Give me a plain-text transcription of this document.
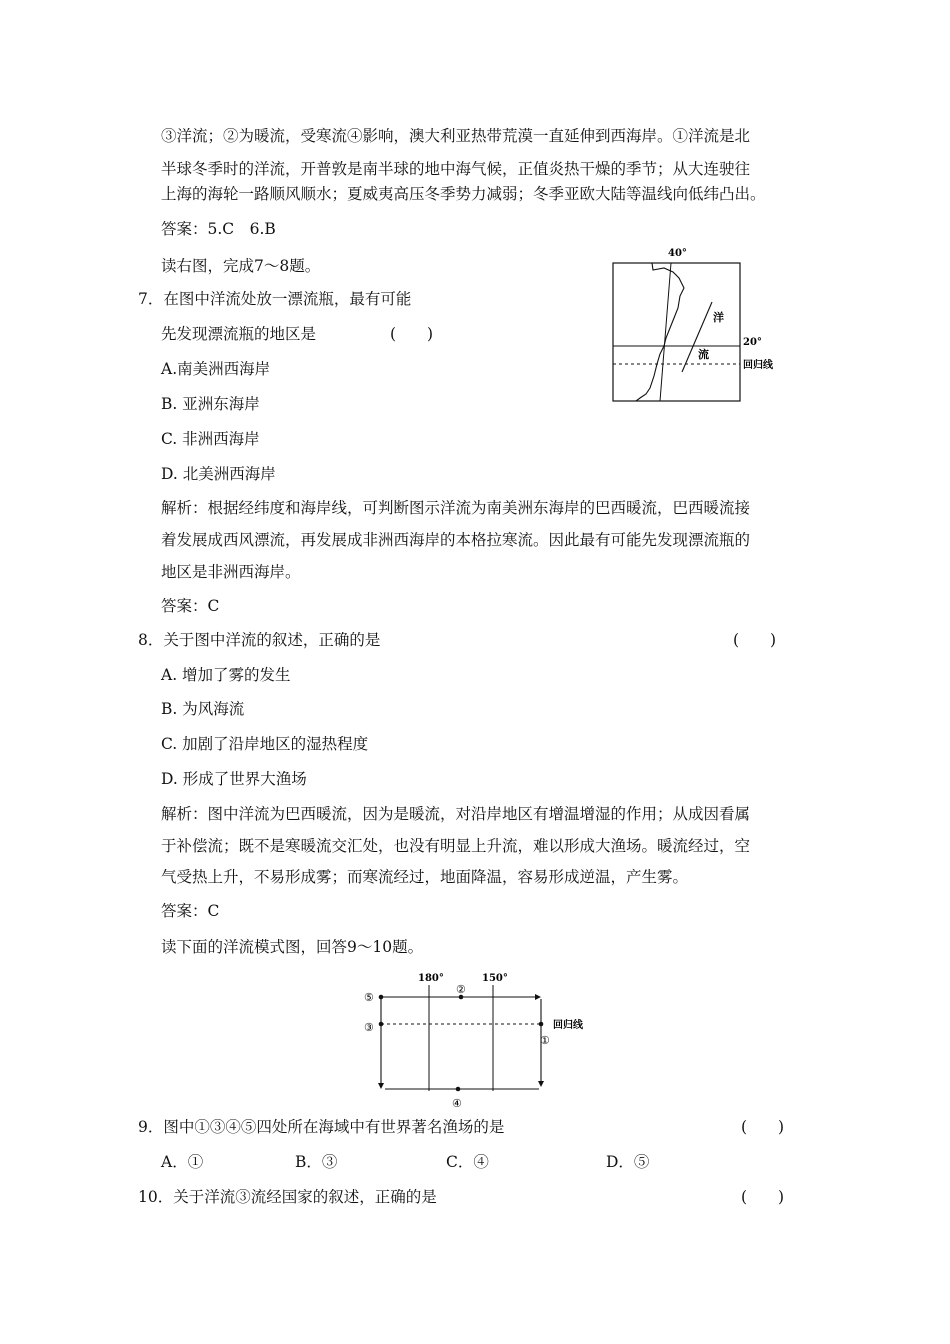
③洋流；②为暖流，受寒流④影响，澳大利亚热带荒漠一直延伸到西海岸。①洋流是北
半球冬季时的洋流，开普敦是南半球的地中海气候，正值炎热干燥的季节；从大连驶往
上海的海轮一路顺风顺水；夏威夷高压冬季势力减弱；冬季亚欧大陆等温线向低纬凸出。
答案：5.C　6.B
读右图，完成7～8题。
7．在图中洋流处放一漂流瓶，最有可能
先发现漂流瓶的地区是	(　　)
A.南美洲西海岸
B. 亚洲东海岸
C. 非洲西海岸
D. 北美洲西海岸
解析：根据经纬度和海岸线，可判断图示洋流为南美洲东海岸的巴西暖流，巴西暖流接
着发展成西风漂流，再发展成非洲西海岸的本格拉寒流。因此最有可能先发现漂流瓶的
地区是非洲西海岸。
答案：C
40°
20°
回归线
洋
流
8．关于图中洋流的叙述，正确的是	(　　)
A. 增加了雾的发生
B. 为风海流
C. 加剧了沿岸地区的湿热程度
D. 形成了世界大渔场
解析：图中洋流为巴西暖流，因为是暖流，对沿岸地区有增温增湿的作用；从成因看属
于补偿流；既不是寒暖流交汇处，也没有明显上升流，难以形成大渔场。暖流经过，空
气受热上升，不易形成雾；而寒流经过，地面降温，容易形成逆温，产生雾。
答案：C
读下面的洋流模式图，回答9～10题。
180°	150°
回归线
⑤
③
②
①
④
9．图中①③④⑤四处所在海域中有世界著名渔场的是	(　　)
A．①	B．③	C．④	D．⑤
10．关于洋流③流经国家的叙述，正确的是	(　　)
